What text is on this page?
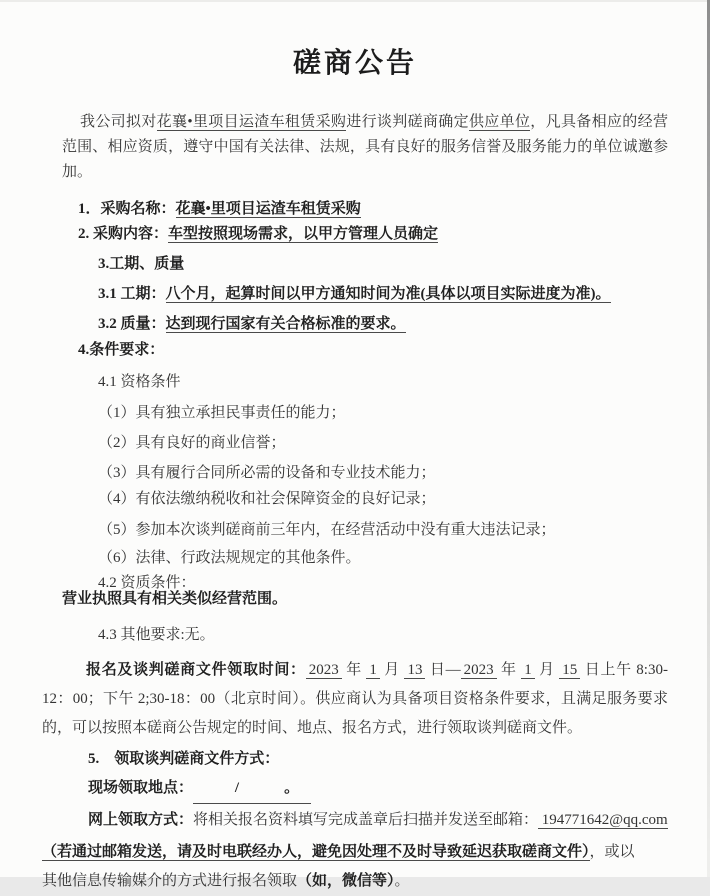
磋商公告

我公司拟对花襄•里项目运渣车租赁采购进行谈判磋商确定供应单位，凡具备相应的经营范围、相应资质，遵守中国有关法律、法规，具有良好的服务信誉及服务能力的单位诚邀参加。

1．采购名称：花襄•里项目运渣车租赁采购

2. 采购内容：车型按照现场需求，以甲方管理人员确定

3.工期、质量

3.1 工期：八个月，起算时间以甲方通知时间为准(具体以项目实际进度为准)。

3.2 质量：达到现行国家有关合格标准的要求。

4.条件要求：

4.1 资格条件

（1）具有独立承担民事责任的能力；

（2）具有良好的商业信誉；

（3）具有履行合同所必需的设备和专业技术能力；

（4）有依法缴纳税收和社会保障资金的良好记录；

（5）参加本次谈判磋商前三年内，在经营活动中没有重大违法记录；

（6）法律、行政法规规定的其他条件。

4.2 资质条件：

营业执照具有相关类似经营范围。

4.3 其他要求:无。

报名及谈判磋商文件领取时间： 2023 年 1 月 13 日— 2023 年 1 月 15 日上午 8:30-12：00；下午 2;30-18：00（北京时间）。供应商认为具备项目资格条件要求，且满足服务要求的，可以按照本磋商公告规定的时间、地点、报名方式，进行领取谈判磋商文件。

5.　领取谈判磋商文件方式：

现场领取地点：　　/　　　。

网上领取方式：将相关报名资料填写完成盖章后扫描并发送至邮箱： 194771642@qq.com

（若通过邮箱发送，请及时电联经办人，避免因处理不及时导致延迟获取磋商文件），或以

其他信息传输媒介的方式进行报名领取（如，微信等）。
